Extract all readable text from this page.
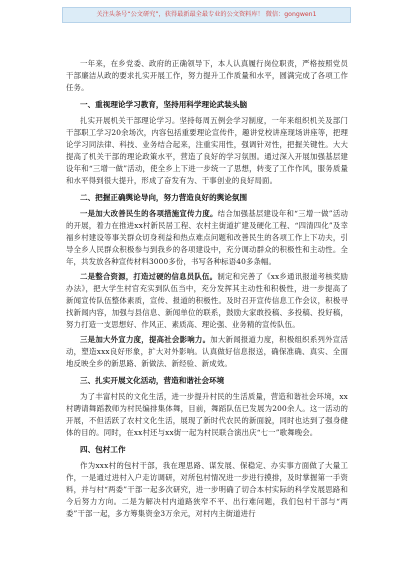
关注头条号“公文研究”，获得最新最全最专业的公文资料库！ 微信：gongwen1

一年来，在乡党委、政府的正确领导下，本人认真履行岗位职责，严格按照党员干部廉洁从政的要求扎实开展工作，努力提升工作质量和水平，圆满完成了各项工作任务。

一、重视理论学习教育，坚持用科学理论武装头脑

扎实开展机关干部理论学习。坚持每周五例会学习制度，一年来组织机关及部门干部职工学习20余场次，内容包括重要理论宣传件，趣讲党校讲座现场讲座等，把理论学习同法律、科技、业务结合起来，注重实用性，强调针对性，把握关键性。大大提高了机关干部的理论政策水平，营造了良好的学习氛围。通过深入开展加强基层建设年和“三增一做”活动，使全乡上下进一步统一了思想，转变了工作作风，服务质量和水平得到很大提升，形成了奋发有为、干事创业的良好局面。

二、把握正确舆论导向，努力营造良好的舆论氛围

一是加大改善民生的各项措施宣传力度。结合加强基层建设年和“三增一做”活动的开展，着力在推进xx村新民居工程、农村主街道扩建及硬化工程、“四清四化”及幸福乡村建设等事关群众切身利益和热点难点问题和改善民生的各项工作上下功夫，引导全乡人民群众积极参与到我乡的各项建设中，充分调动群众的积极性和主动性。全年，共发放各种宣传材料3000多份，书写各种标语40多条幅。

二是整合资源，打造过硬的信息员队伍。制定和完善了《xx乡通讯报道考核奖励办法》，把大学生村官充实到队伍当中，充分发挥其主动性和积极性，进一步提高了新闻宣传队伍整体素质，宣传、报道的积极性。及时召开宣传信息工作会议，积极寻找新闻内容，加强与县信息、新闻单位的联系，鼓励大家敢投稿、多投稿、投好稿，努力打造一支思想好、作风正、素质高、理论强、业务精的宣传队伍。

三是加大外宣力度，提高社会影响力。加大新闻报道力度，积极组织系列外宣活动，塑造xxx良好形象，扩大对外影响。认真做好信息报送，确保准确、真实、全面地反映全乡的新思路、新做法、新经验、新成效。

三、扎实开展文化活动，营造和谐社会环境

为了丰富村民的文化生活，进一步提升村民的生活质量，营造和谐社会环境，xx村聘请舞蹈教师为村民编排集体舞，目前，舞蹈队伍已发展为200余人。这一活动的开展，不但活跃了农村文化生活，展现了新时代农民的新面貌，同时也达到了强身健体的目的。同时，在xx村还与xx街一起为村民联合演出庆“七一”歌舞晚会。

四、包村工作

作为xxx村的包村干部，我在理思路、谋发展、保稳定、办实事方面做了大量工作，一是通过进村入户走访调研，对所包村情况进一步进行摸排，及时掌握第一手资料，并与村“两委”干部一起多次研究，进一步明确了切合本村实际的科学发展思路和今后努力方向。二是为解决村内道路狭窄不平、出行难问题，我们包村干部与“两委”干部一起，多方筹集资金3万余元，对村内主街道进行
